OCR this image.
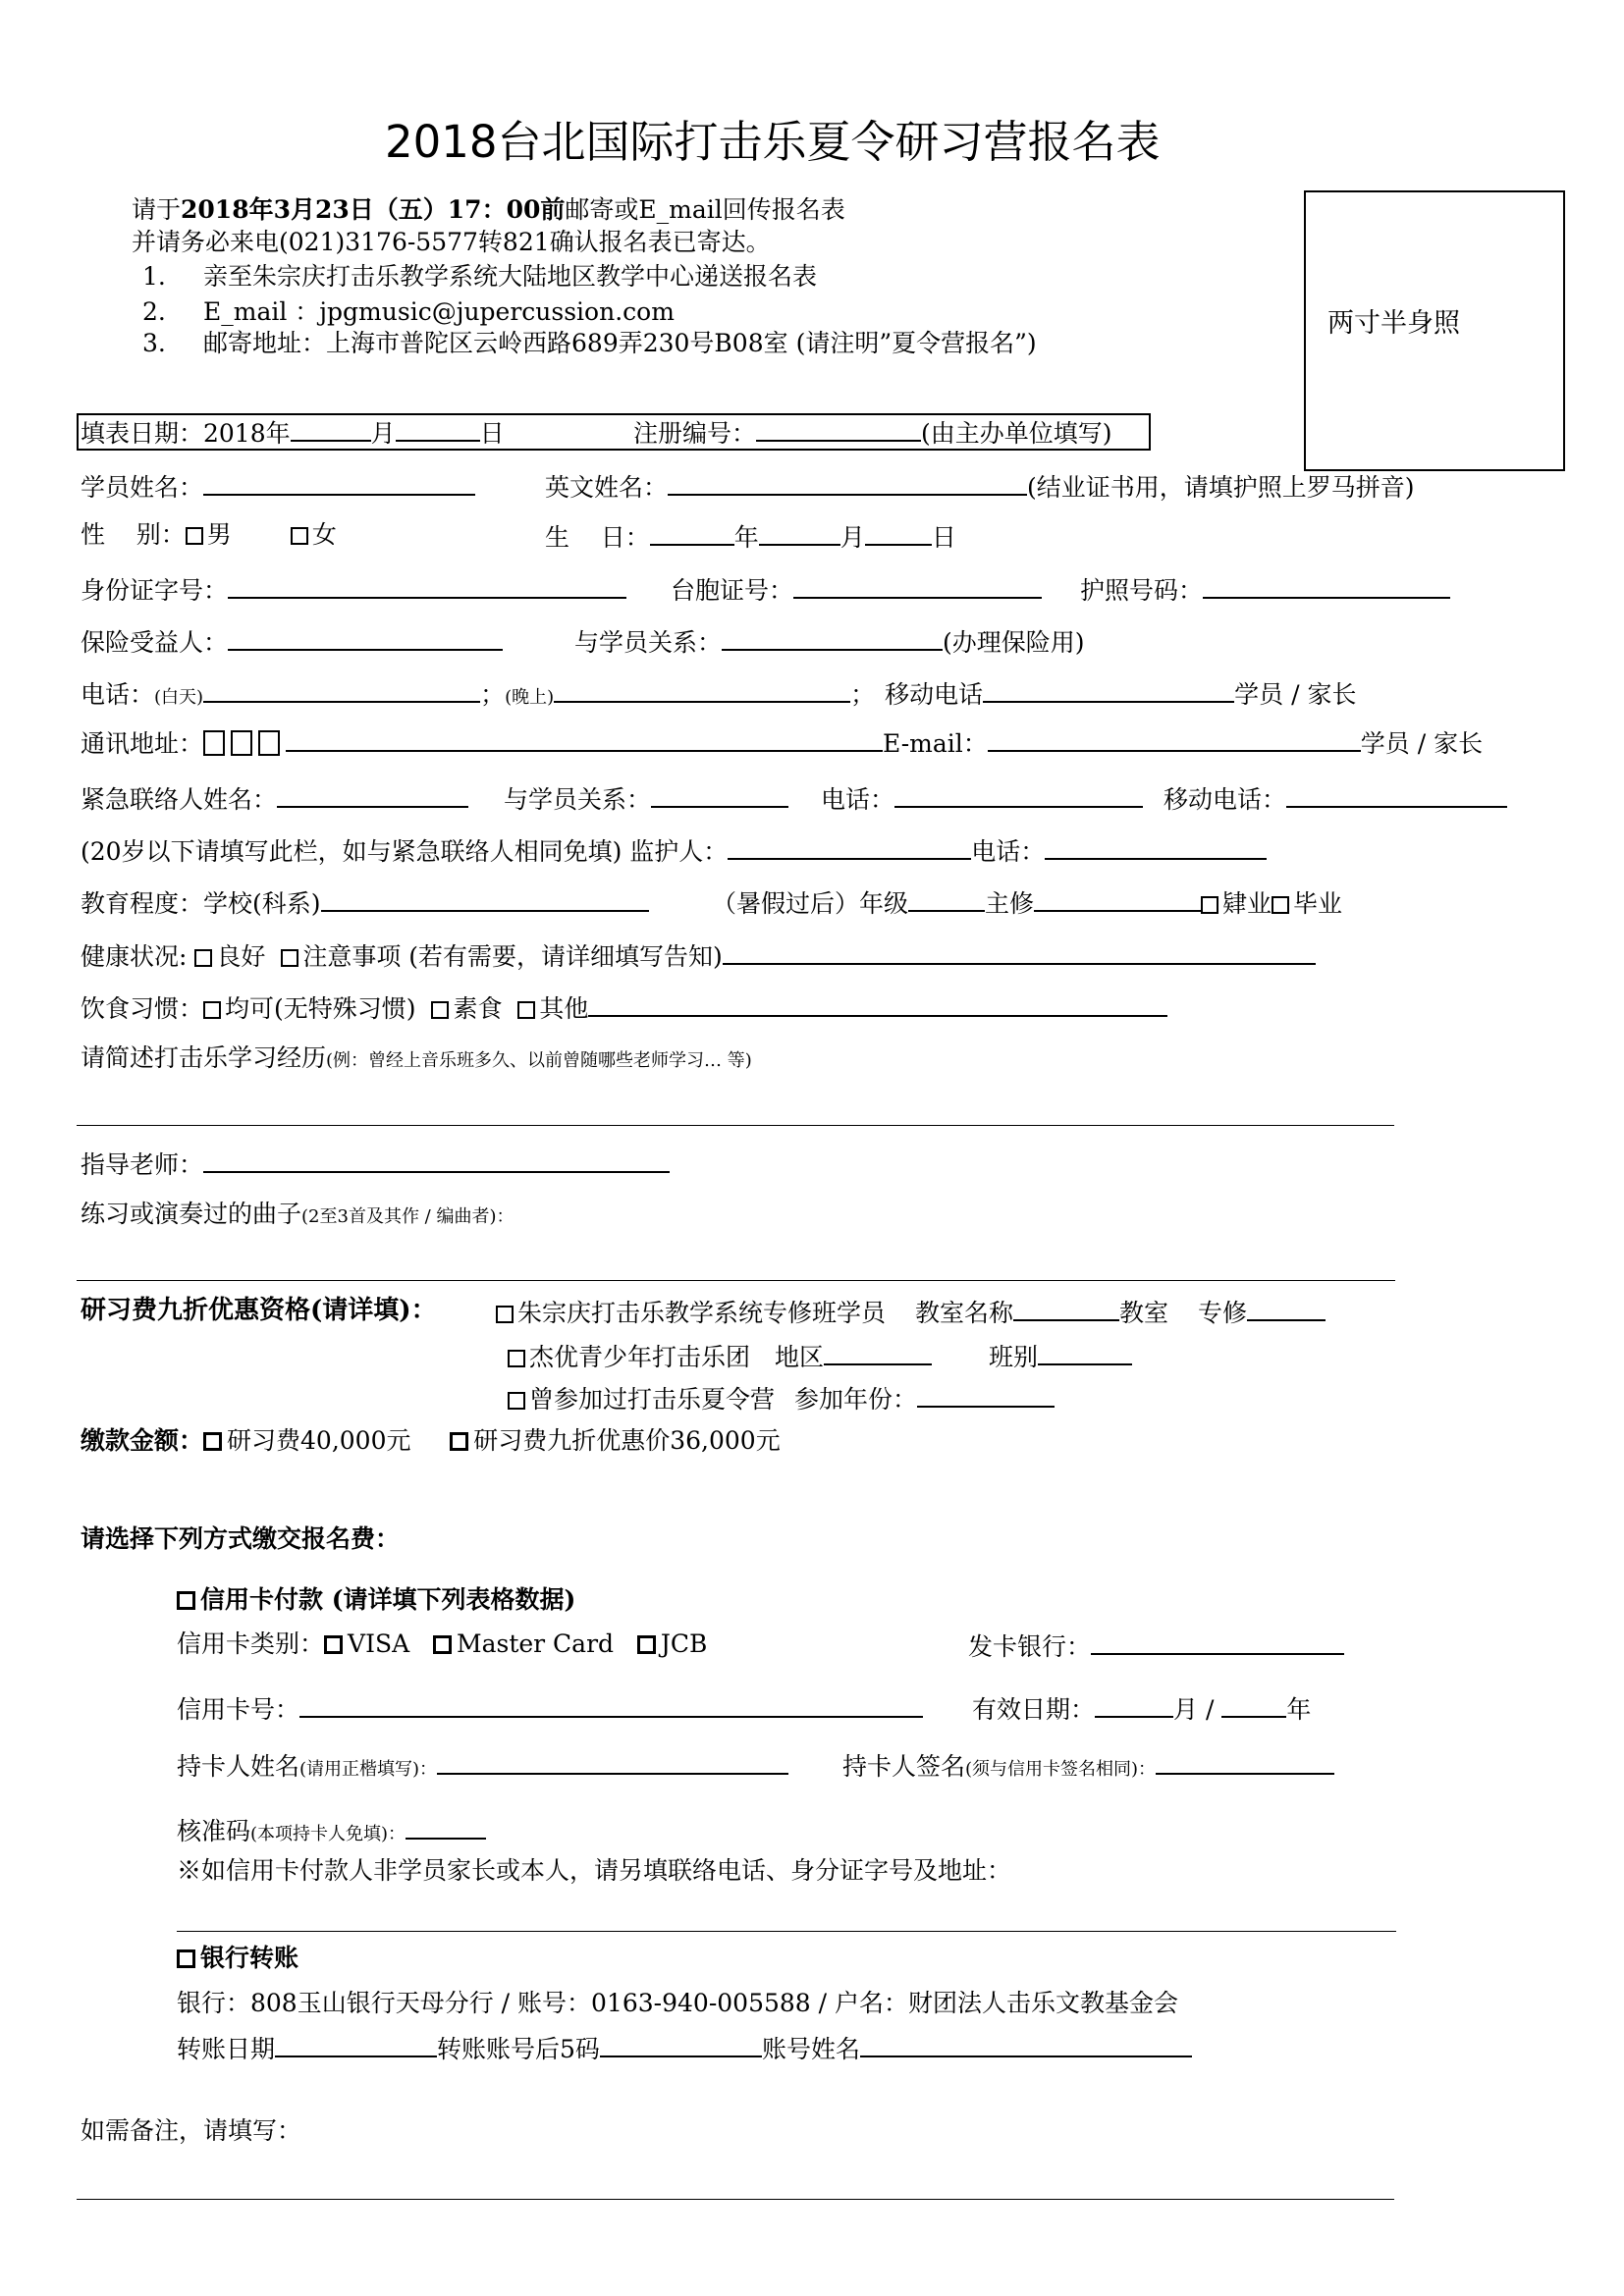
2018台北国际打击乐夏令研习营报名表
两寸半身照
请于2018年3月23日（五）17：00前邮寄或E_mail回传报名表
并请务必来电(021)3176-5577转821确认报名表已寄达。
1. 亲至朱宗庆打击乐教学系统大陆地区教学中心递送报名表
2. E_mail ：jpgmusic@jupercussion.com
3. 邮寄地址：上海市普陀区云岭西路689弄230号B08室 (请注明”夏令营报名”)
填表日期：2018年	月	日	注册编号：	(由主办单位填写)
学员姓名：	英文姓名：	(结业证书用，请填护照上罗马拼音)
性    别： 男	女	生    日：	年	月	日
身份证字号：	台胞证号：	护照号码：
保险受益人：	与学员关系：	(办理保险用)
电话：(白天)	；(晚上)	； 移动电话	学员 / 家长
通讯地址：	E-mail：	学员 / 家长
紧急联络人姓名：	与学员关系：	电话：	移动电话：
(20岁以下请填写此栏，如与紧急联络人相同免填) 监护人：	电话：
教育程度：学校(科系)	（暑假过后）年级	主修	肄业 毕业
健康状况: 良好 注意事项 (若有需要，请详细填写告知)
饮食习惯： 均可(无特殊习惯) 素食 其他
请简述打击乐学习经历(例：曾经上音乐班多久、以前曾随哪些老师学习… 等)
指导老师：
练习或演奏过的曲子(2至3首及其作 / 编曲者)：
研习费九折优惠资格(请详填)：	朱宗庆打击乐教学系统专修班学员 教室名称	教室 专修
杰优青少年打击乐团 地区	班别
曾参加过打击乐夏令营 参加年份：
缴款金额： 研习费40,000元	研习费九折优惠价36,000元
请选择下列方式缴交报名费：
信用卡付款 (请详填下列表格数据)
信用卡类别： VISA Master Card JCB	发卡银行：
信用卡号：	有效日期：	月 /	年
持卡人姓名(请用正楷填写)：	持卡人签名(须与信用卡签名相同)：
核准码(本项持卡人免填)：
※如信用卡付款人非学员家长或本人，请另填联络电话、身分证字号及地址：
银行转账
银行：808玉山银行天母分行 / 账号：0163-940-005588 / 户名：财团法人击乐文教基金会
转账日期	转账账号后5码	账号姓名
如需备注，请填写：
